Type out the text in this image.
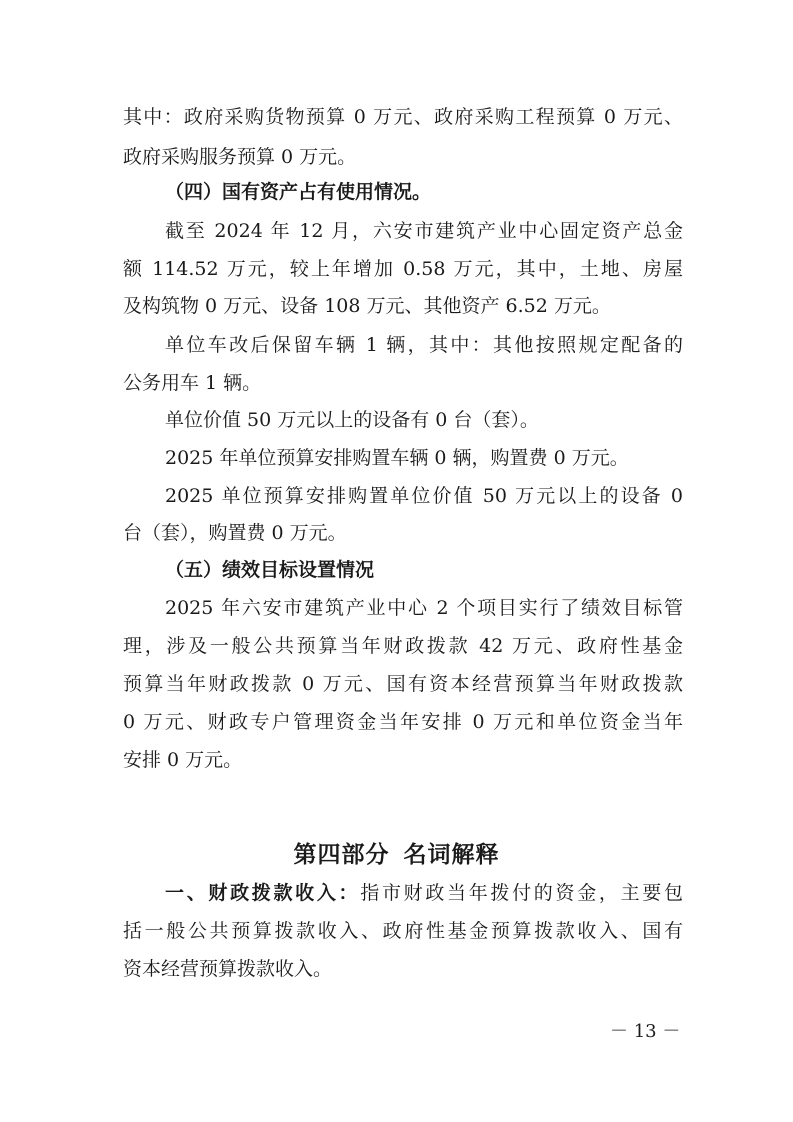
其中：政府采购货物预算 0 万元、政府采购工程预算 0 万元、
政府采购服务预算 0 万元。
（四）国有资产占有使用情况。
截至 2024 年 12 月，六安市建筑产业中心固定资产总金
额 114.52 万元，较上年增加 0.58 万元，其中，土地、房屋
及构筑物 0 万元、设备 108 万元、其他资产 6.52 万元。
单位车改后保留车辆 1 辆，其中：其他按照规定配备的
公务用车 1 辆。
单位价值 50 万元以上的设备有 0 台（套）。
2025 年单位预算安排购置车辆 0 辆，购置费 0 万元。
2025 单位预算安排购置单位价值 50 万元以上的设备 0
台（套），购置费 0 万元。
（五）绩效目标设置情况
2025 年六安市建筑产业中心 2 个项目实行了绩效目标管
理，涉及一般公共预算当年财政拨款 42 万元、政府性基金
预算当年财政拨款 0 万元、国有资本经营预算当年财政拨款
0 万元、财政专户管理资金当年安排 0 万元和单位资金当年
安排 0 万元。
第四部分 名词解释
一、财政拨款收入：指市财政当年拨付的资金，主要包
括一般公共预算拨款收入、政府性基金预算拨款收入、国有
资本经营预算拨款收入。
－ 13 －
